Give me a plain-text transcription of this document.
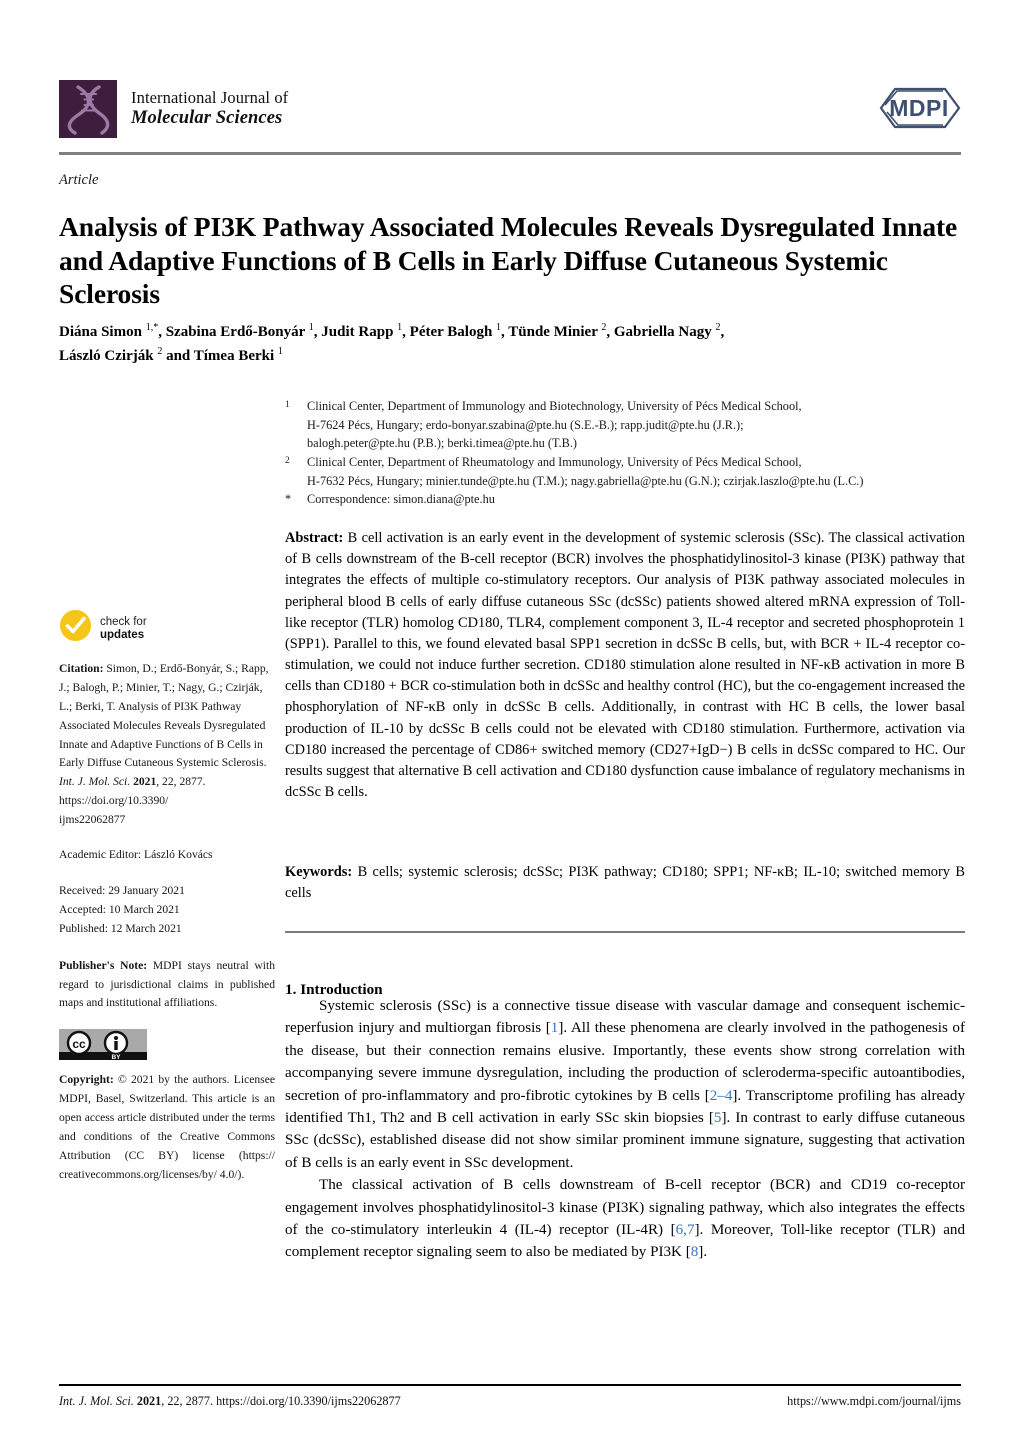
International Journal of
Molecular Sciences	MDPI
Article
Analysis of PI3K Pathway Associated Molecules Reveals Dysregulated Innate and Adaptive Functions of B Cells in Early Diffuse Cutaneous Systemic Sclerosis
Diána Simon $^{1,*}$, Szabina Erdő-Bonyár $^1$, Judit Rapp $^1$, Péter Balogh $^1$, Tünde Minier $^2$, Gabriella Nagy $^2$,
László Czirják $^2$ and Tímea Berki $^1$
1	Clinical Center, Department of Immunology and Biotechnology, University of Pécs Medical School,
H-7624 Pécs, Hungary; erdo-bonyar.szabina@pte.hu (S.E.-B.); rapp.judit@pte.hu (J.R.);
balogh.peter@pte.hu (P.B.); berki.timea@pte.hu (T.B.)
2	Clinical Center, Department of Rheumatology and Immunology, University of Pécs Medical School,
H-7632 Pécs, Hungary; minier.tunde@pte.hu (T.M.); nagy.gabriella@pte.hu (G.N.); czirjak.laszlo@pte.hu (L.C.)
*	Correspondence: simon.diana@pte.hu
Abstract: B cell activation is an early event in the development of systemic sclerosis (SSc). The classical activation of B cells downstream of the B-cell receptor (BCR) involves the phosphatidylinositol-3 kinase (PI3K) pathway that integrates the effects of multiple co-stimulatory receptors. Our analysis of PI3K pathway associated molecules in peripheral blood B cells of early diffuse cutaneous SSc (dcSSc) patients showed altered mRNA expression of Toll-like receptor (TLR) homolog CD180, TLR4, complement component 3, IL-4 receptor and secreted phosphoprotein 1 (SPP1). Parallel to this, we found elevated basal SPP1 secretion in dcSSc B cells, but, with BCR + IL-4 receptor co-stimulation, we could not induce further secretion. CD180 stimulation alone resulted in NF-κB activation in more B cells than CD180 + BCR co-stimulation both in dcSSc and healthy control (HC), but the co-engagement increased the phosphorylation of NF-κB only in dcSSc B cells. Additionally, in contrast with HC B cells, the lower basal production of IL-10 by dcSSc B cells could not be elevated with CD180 stimulation. Furthermore, activation via CD180 increased the percentage of CD86+ switched memory (CD27+IgD−) B cells in dcSSc compared to HC. Our results suggest that alternative B cell activation and CD180 dysfunction cause imbalance of regulatory mechanisms in dcSSc B cells.
Keywords: B cells; systemic sclerosis; dcSSc; PI3K pathway; CD180; SPP1; NF-κB; IL-10; switched memory B cells
1. Introduction

Systemic sclerosis (SSc) is a connective tissue disease with vascular damage and consequent ischemic-reperfusion injury and multiorgan fibrosis [1]. All these phenomena are clearly involved in the pathogenesis of the disease, but their connection remains elusive. Importantly, these events show strong correlation with accompanying severe immune dysregulation, including the production of scleroderma-specific autoantibodies, secretion of pro-inflammatory and pro-fibrotic cytokines by B cells [2–4]. Transcriptome profiling has already identified Th1, Th2 and B cell activation in early SSc skin biopsies [5]. In contrast to early diffuse cutaneous SSc (dcSSc), established disease did not show similar prominent immune signature, suggesting that activation of B cells is an early event in SSc development.

The classical activation of B cells downstream of B-cell receptor (BCR) and CD19 co-receptor engagement involves phosphatidylinositol-3 kinase (PI3K) signaling pathway, which also integrates the effects of the co-stimulatory interleukin 4 (IL-4) receptor (IL-4R) [6,7]. Moreover, Toll-like receptor (TLR) and complement receptor signaling seem to also be mediated by PI3K [8].

check for
updates
Citation: Simon, D.; Erdő-Bonyár, S.; Rapp, J.; Balogh, P.; Minier, T.; Nagy, G.; Czirják, L.; Berki, T. Analysis of PI3K Pathway Associated Molecules Reveals Dysregulated Innate and Adaptive Functions of B Cells in Early Diffuse Cutaneous Systemic Sclerosis. Int. J. Mol. Sci. 2021, 22, 2877.
https://doi.org/10.3390/
ijms22062877
Academic Editor: László Kovács
Received: 29 January 2021
Accepted: 10 March 2021
Published: 12 March 2021
Publisher's Note: MDPI stays neutral with regard to jurisdictional claims in published maps and institutional affiliations.
cc
BY
Copyright: © 2021 by the authors. Licensee MDPI, Basel, Switzerland. This article is an open access article distributed under the terms and conditions of the Creative Commons Attribution (CC BY) license (https:// creativecommons.org/licenses/by/ 4.0/).
Int. J. Mol. Sci. 2021, 22, 2877. https://doi.org/10.3390/ijms22062877	https://www.mdpi.com/journal/ijms
